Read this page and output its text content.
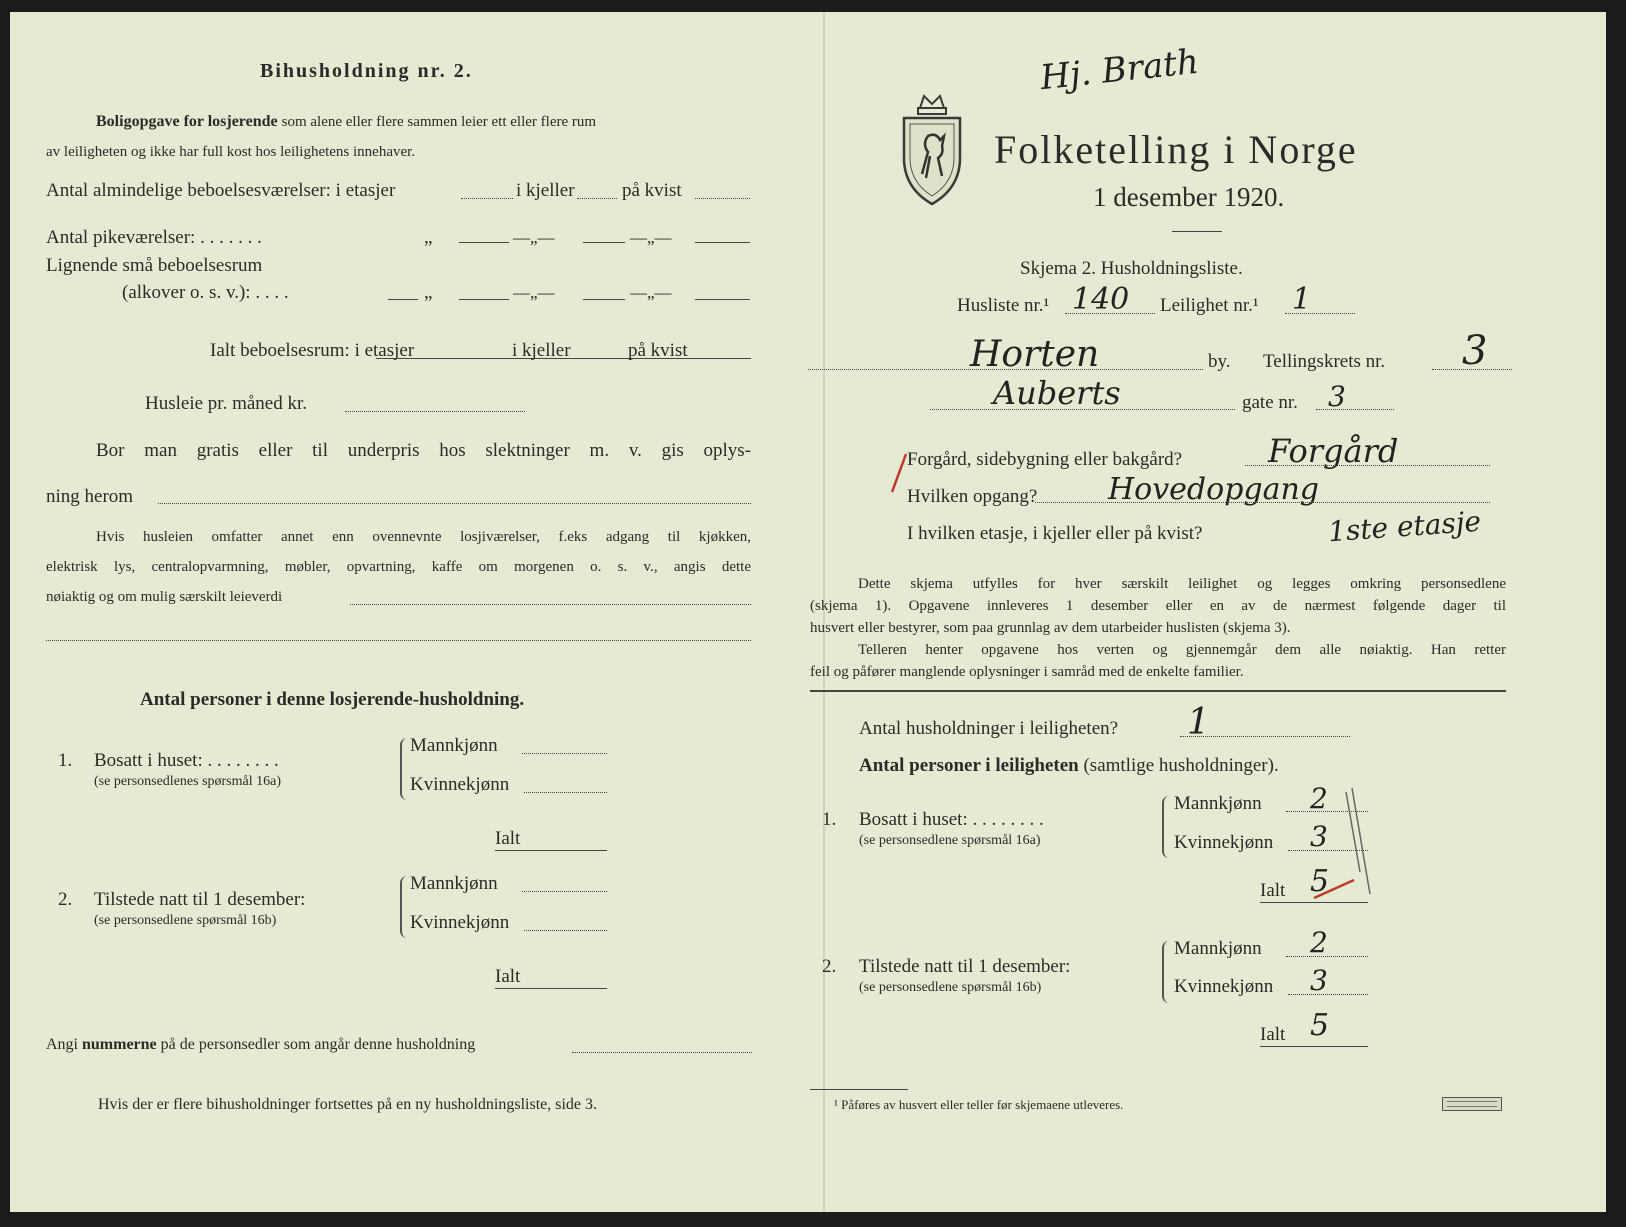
Bihusholdning nr. 2.
Boligopgave for losjerende som alene eller flere sammen leier ett eller flere rum
av leiligheten og ikke har full kost hos leilighetens innehaver.
Antal almindelige beboelsesværelser: i etasjer	i kjeller på kvist
Antal pikeværelser: . . . . . . .	„	—„—	—„—
Lignende små beboelsesrum
(alkover o. s. v.): . . . .	„	—„—	—„—
Ialt beboelsesrum: i etasjer	i kjeller	på kvist
Husleie pr. måned kr.
Bor man gratis eller til underpris hos slektninger m. v. gis oplys-
ning herom
Hvis husleien omfatter annet enn ovennevnte losjiværelser, f.eks adgang til kjøkken,
elektrisk lys, centralopvarmning, møbler, opvartning, kaffe om morgenen o. s. v., angis dette
nøiaktig og om mulig særskilt leieverdi
Antal personer i denne losjerende-husholdning.
1. Bosatt i huset: . . . . . . . .
(se personsedlenes spørsmål 16a)
Mannkjønn
Kvinnekjønn
Ialt
2. Tilstede natt til 1 desember:
(se personsedlene spørsmål 16b)
Mannkjønn
Kvinnekjønn
Ialt
Angi nummerne på de personsedler som angår denne husholdning
Hvis der er flere bihusholdninger fortsettes på en ny husholdningsliste, side 3.
Hj. Brath
Folketelling i Norge
1 desember 1920.
Skjema 2. Husholdningsliste.
Husliste nr.¹ 140 Leilighet nr.¹ 1
Horten	by. Tellingskrets nr. 3
Auberts	gate nr. 3
Forgård, sidebygning eller bakgård?	Forgård
Hvilken opgang? Hovedopgang
I hvilken etasje, i kjeller eller på kvist?	1ste etasje
Dette skjema utfylles for hver særskilt leilighet og legges omkring personsedlene
(skjema 1). Opgavene innleveres 1 desember eller en av de nærmest følgende dager til
husvert eller bestyrer, som paa grunnlag av dem utarbeider huslisten (skjema 3).
Telleren henter opgavene hos verten og gjennemgår dem alle nøiaktig. Han retter
feil og påfører manglende oplysninger i samråd med de enkelte familier.
Antal husholdninger i leiligheten? 1
Antal personer i leiligheten (samtlige husholdninger).
1. Bosatt i huset: . . . . . . . .
(se personsedlene spørsmål 16a)
Mannkjønn 2
Kvinnekjønn 3
Ialt 5
2. Tilstede natt til 1 desember:
(se personsedlene spørsmål 16b)
Mannkjønn 2
Kvinnekjønn 3
Ialt 5
¹ Påføres av husvert eller teller før skjemaene utleveres.
